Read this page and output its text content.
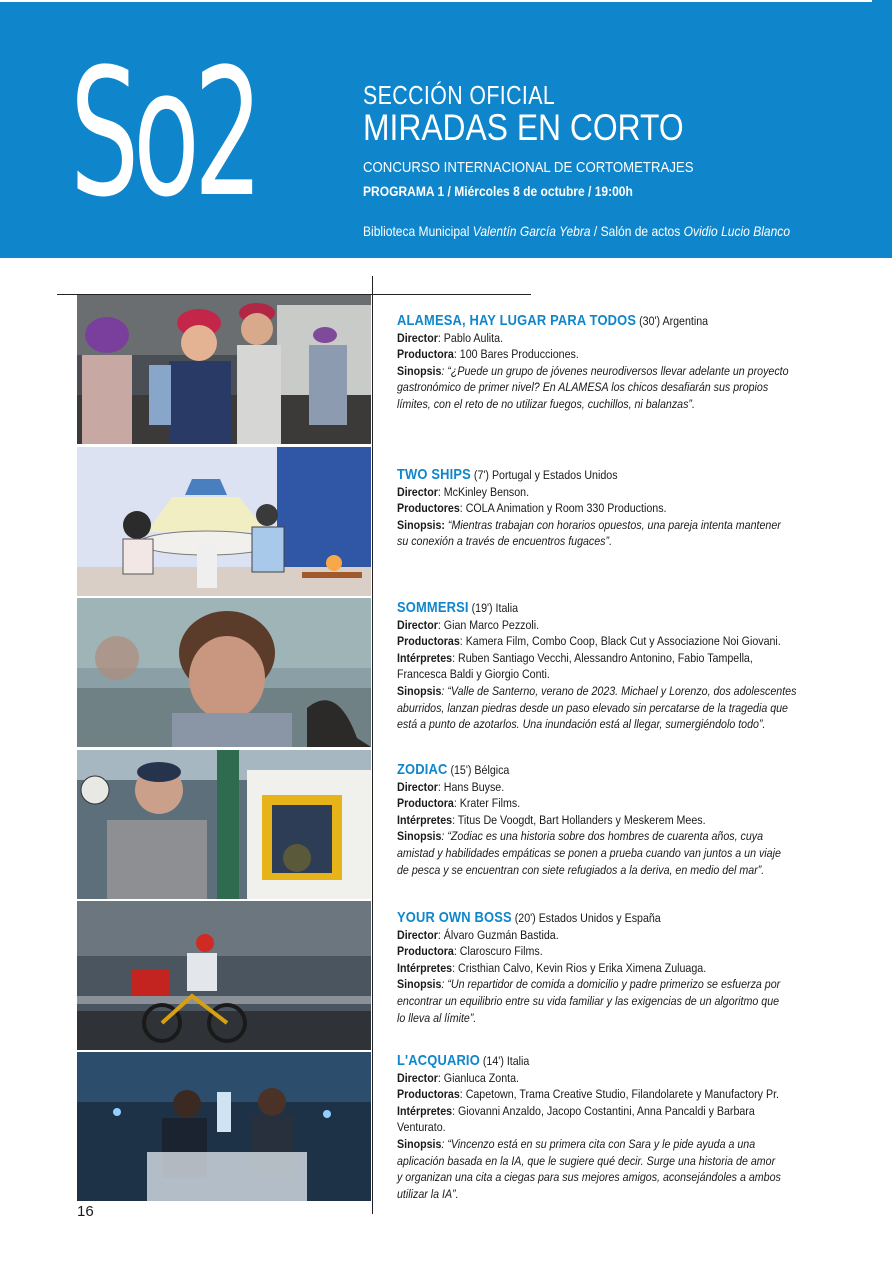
So2	SECCIÓN OFICIAL
MIRADAS EN CORTO
CONCURSO INTERNACIONAL DE CORTOMETRAJES
PROGRAMA 1 / Miércoles 8 de octubre / 19:00h
Biblioteca Municipal Valentín García Yebra / Salón de actos Ovidio Lucio Blanco
ALAMESA, HAY LUGAR PARA TODOS (30') Argentina
Director: Pablo Aulita.
Productora: 100 Bares Producciones.
Sinopsis: “¿Puede un grupo de jóvenes neurodiversos llevar adelante un proyecto
gastronómico de primer nivel? En ALAMESA los chicos desafiarán sus propios
límites, con el reto de no utilizar fuegos, cuchillos, ni balanzas”.
TWO SHIPS (7') Portugal y Estados Unidos
Director: McKinley Benson.
Productores: COLA Animation y Room 330 Productions.
Sinopsis: “Mientras trabajan con horarios opuestos, una pareja intenta mantener
su conexión a través de encuentros fugaces”.
SOMMERSI (19') Italia
Director: Gian Marco Pezzoli.
Productoras: Kamera Film, Combo Coop, Black Cut y Associazione Noi Giovani.
Intérpretes: Ruben Santiago Vecchi, Alessandro Antonino, Fabio Tampella,
Francesca Baldi y Giorgio Conti.
Sinopsis: “Valle de Santerno, verano de 2023. Michael y Lorenzo, dos adolescentes
aburridos, lanzan piedras desde un paso elevado sin percatarse de la tragedia que
está a punto de azotarlos. Una inundación está al llegar, sumergiéndolo todo”.
ZODIAC (15') Bélgica
Director: Hans Buyse.
Productora: Krater Films.
Intérpretes: Titus De Voogdt, Bart Hollanders y Meskerem Mees.
Sinopsis: “Zodiac es una historia sobre dos hombres de cuarenta años, cuya
amistad y habilidades empáticas se ponen a prueba cuando van juntos a un viaje
de pesca y se encuentran con siete refugiados a la deriva, en medio del mar”.
YOUR OWN BOSS (20') Estados Unidos y España
Director: Álvaro Guzmán Bastida.
Productora: Claroscuro Films.
Intérpretes: Cristhian Calvo, Kevin Rios y Erika Ximena Zuluaga.
Sinopsis: “Un repartidor de comida a domicilio y padre primerizo se esfuerza por
encontrar un equilibrio entre su vida familiar y las exigencias de un algoritmo que
lo lleva al límite”.
L'ACQUARIO (14') Italia
Director: Gianluca Zonta.
Productoras: Capetown, Trama Creative Studio, Filandolarete y Manufactory Pr.
Intérpretes: Giovanni Anzaldo, Jacopo Costantini, Anna Pancaldi y Barbara
Venturato.
Sinopsis: “Vincenzo está en su primera cita con Sara y le pide ayuda a una
aplicación basada en la IA, que le sugiere qué decir. Surge una historia de amor
y organizan una cita a ciegas para sus mejores amigos, aconsejándoles a ambos
utilizar la IA”.
16
